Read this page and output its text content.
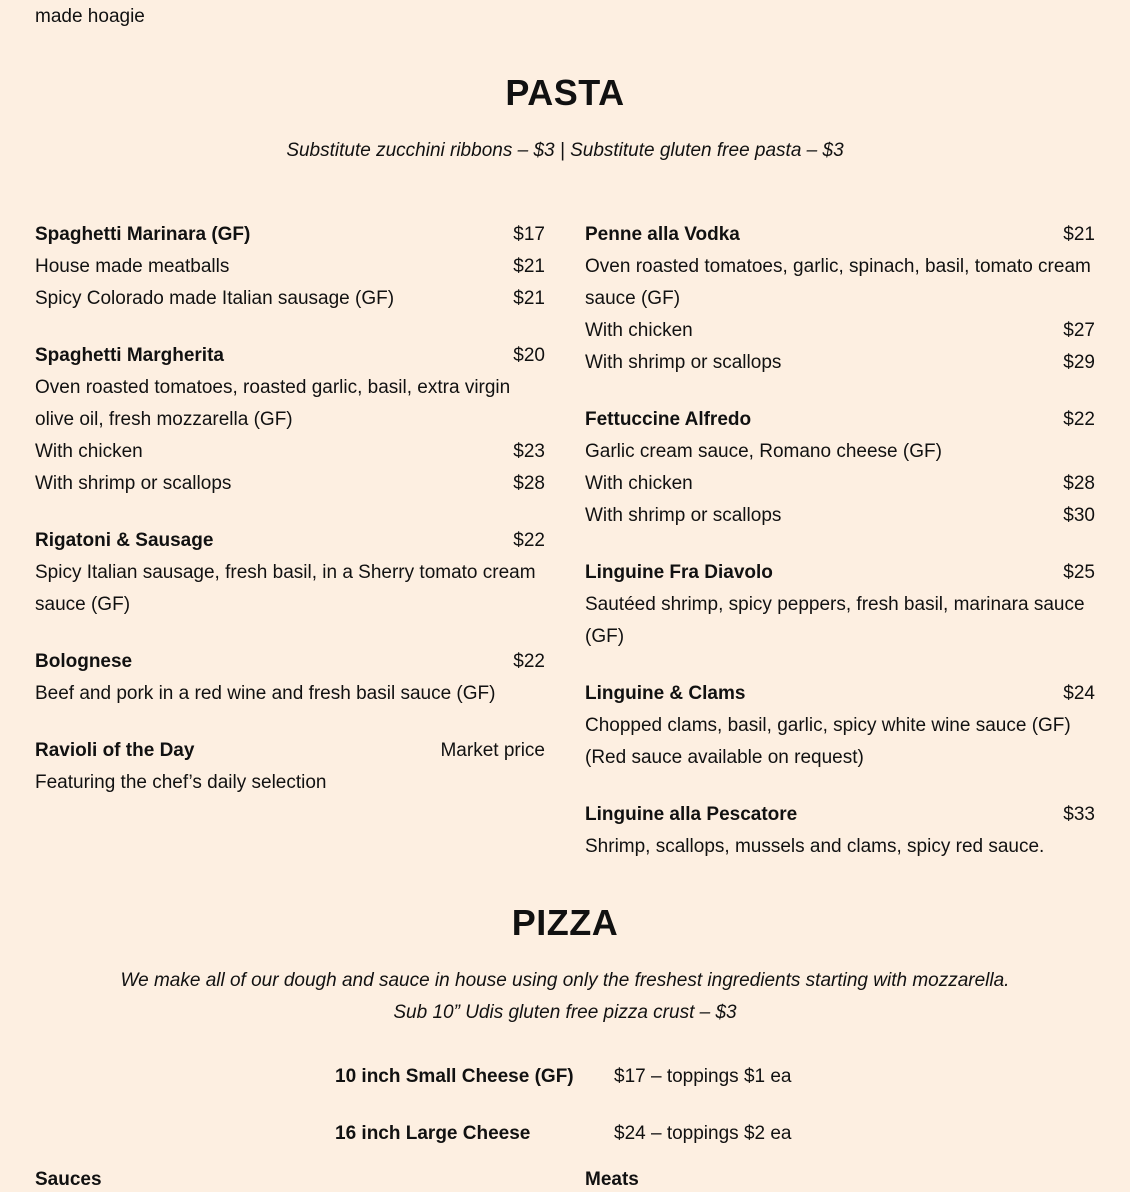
made hoagie
PASTA
Substitute zucchini ribbons – $3 | Substitute gluten free pasta – $3
Spaghetti Marinara (GF)	$17
House made meatballs	$21
Spicy Colorado made Italian sausage (GF)	$21
Spaghetti Margherita	$20
Oven roasted tomatoes, roasted garlic, basil, extra virgin olive oil, fresh mozzarella (GF)
With chicken	$23
With shrimp or scallops	$28
Rigatoni & Sausage	$22
Spicy Italian sausage, fresh basil, in a Sherry tomato cream sauce (GF)
Bolognese	$22
Beef and pork in a red wine and fresh basil sauce (GF)
Ravioli of the Day	Market price
Featuring the chef’s daily selection
Penne alla Vodka	$21
Oven roasted tomatoes, garlic, spinach, basil, tomato cream sauce (GF)
With chicken	$27
With shrimp or scallops	$29
Fettuccine Alfredo	$22
Garlic cream sauce, Romano cheese (GF)
With chicken	$28
With shrimp or scallops	$30
Linguine Fra Diavolo	$25
Sautéed shrimp, spicy peppers, fresh basil, marinara sauce (GF)
Linguine & Clams	$24
Chopped clams, basil, garlic, spicy white wine sauce (GF) (Red sauce available on request)
Linguine alla Pescatore	$33
Shrimp, scallops, mussels and clams, spicy red sauce.
PIZZA
We make all of our dough and sauce in house using only the freshest ingredients starting with mozzarella.
Sub 10” Udis gluten free pizza crust – $3
10 inch Small Cheese (GF) $17 – toppings $1 ea
16 inch Large Cheese	$24 – toppings $2 ea
Sauces	Meats
